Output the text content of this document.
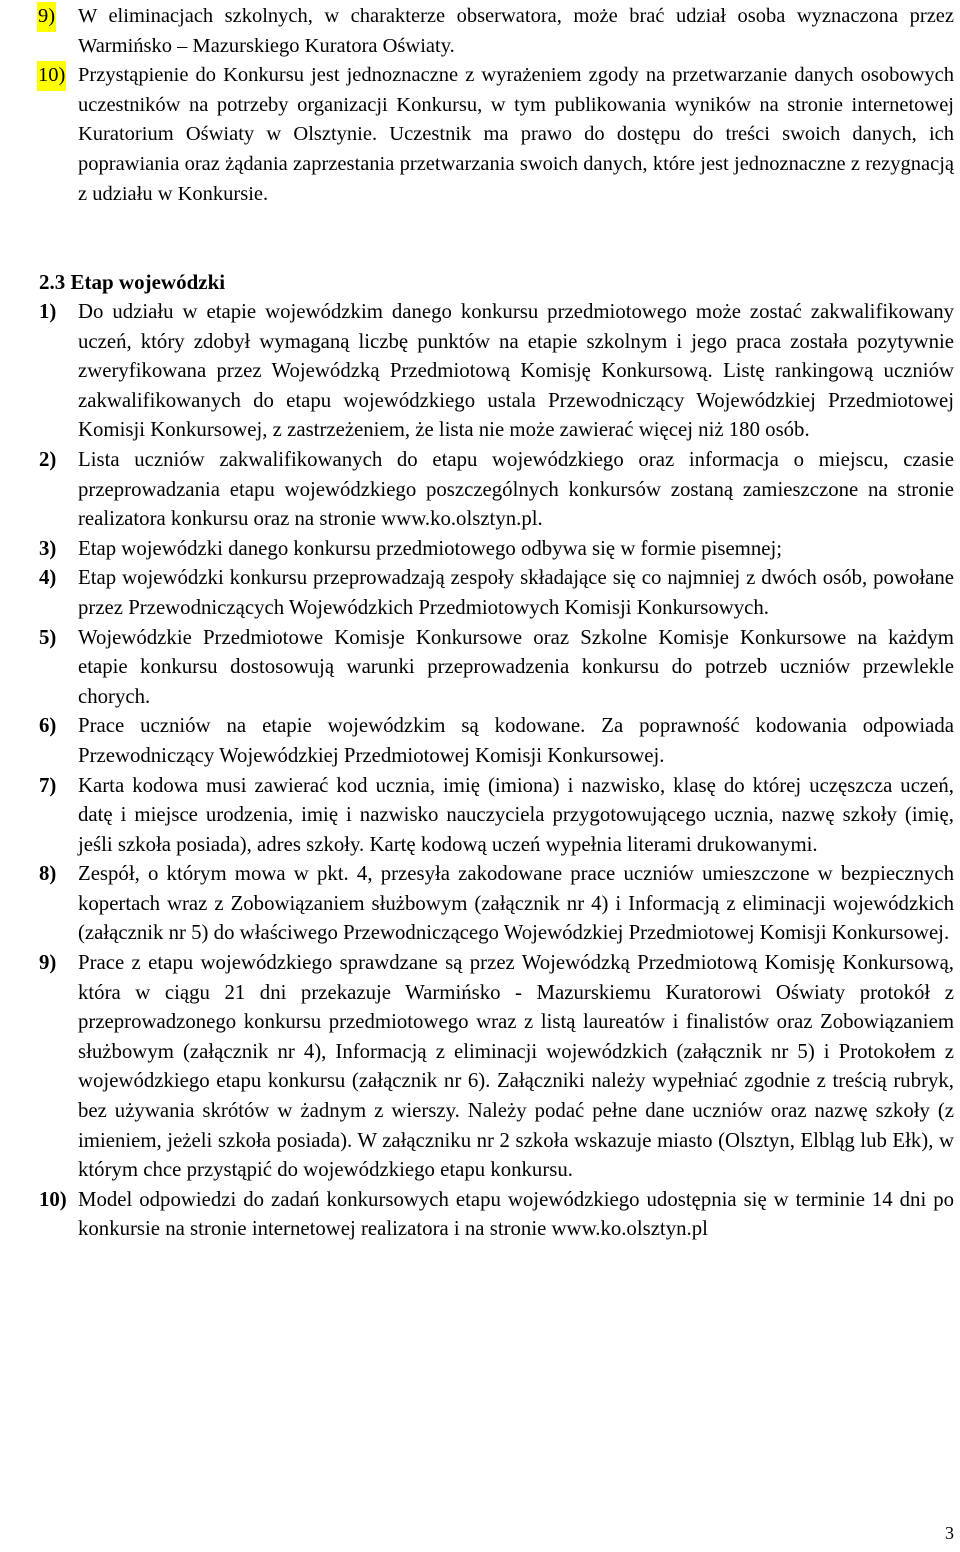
9) W eliminacjach szkolnych, w charakterze obserwatora, może brać udział osoba wyznaczona przez Warmińsko – Mazurskiego Kuratora Oświaty.
10) Przystąpienie do Konkursu jest jednoznaczne z wyrażeniem zgody na przetwarzanie danych osobowych uczestników na potrzeby organizacji Konkursu, w tym publikowania wyników na stronie internetowej Kuratorium Oświaty w Olsztynie. Uczestnik ma prawo do dostępu do treści swoich danych, ich poprawiania oraz żądania zaprzestania przetwarzania swoich danych, które jest jednoznaczne z rezygnacją z udziału w Konkursie.
2.3 Etap wojewódzki
1)	Do udziału w etapie wojewódzkim danego konkursu przedmiotowego może zostać zakwalifikowany uczeń, który zdobył wymaganą liczbę punktów na etapie szkolnym i jego praca została pozytywnie zweryfikowana przez Wojewódzką Przedmiotową Komisję Konkursową. Listę rankingową uczniów zakwalifikowanych do etapu wojewódzkiego ustala Przewodniczący Wojewódzkiej Przedmiotowej Komisji Konkursowej, z zastrzeżeniem, że lista nie może zawierać więcej niż 180 osób.
2)	Lista uczniów zakwalifikowanych do etapu wojewódzkiego oraz informacja o miejscu, czasie przeprowadzania etapu wojewódzkiego poszczególnych konkursów zostaną zamieszczone na stronie realizatora konkursu oraz na stronie www.ko.olsztyn.pl.
3)	Etap wojewódzki danego konkursu przedmiotowego odbywa się w formie pisemnej;
4)	Etap wojewódzki konkursu przeprowadzają zespoły składające się co najmniej z dwóch osób, powołane przez Przewodniczących Wojewódzkich Przedmiotowych Komisji Konkursowych.
5)	Wojewódzkie Przedmiotowe Komisje Konkursowe oraz Szkolne Komisje Konkursowe na każdym etapie konkursu dostosowują warunki przeprowadzenia konkursu do potrzeb uczniów przewlekle chorych.
6)	Prace uczniów na etapie wojewódzkim są kodowane. Za poprawność kodowania odpowiada Przewodniczący Wojewódzkiej Przedmiotowej Komisji Konkursowej.
7)	Karta kodowa musi zawierać kod ucznia, imię (imiona) i nazwisko, klasę do której uczęszcza uczeń, datę i miejsce urodzenia, imię i nazwisko nauczyciela przygotowującego ucznia, nazwę szkoły (imię, jeśli szkoła posiada), adres szkoły. Kartę kodową uczeń wypełnia literami drukowanymi.
8)	Zespół, o którym mowa w pkt. 4, przesyła zakodowane prace uczniów umieszczone w bezpiecznych kopertach wraz z Zobowiązaniem służbowym (załącznik nr 4) i Informacją z eliminacji wojewódzkich (załącznik nr 5) do właściwego Przewodniczącego Wojewódzkiej Przedmiotowej Komisji Konkursowej.
9)	Prace z etapu wojewódzkiego sprawdzane są przez Wojewódzką Przedmiotową Komisję Konkursową, która w ciągu 21 dni przekazuje Warmińsko - Mazurskiemu Kuratorowi Oświaty protokół z przeprowadzonego konkursu przedmiotowego wraz z listą laureatów i finalistów oraz Zobowiązaniem służbowym (załącznik nr 4), Informacją z eliminacji wojewódzkich (załącznik nr 5) i Protokołem z wojewódzkiego etapu konkursu (załącznik nr 6). Załączniki należy wypełniać zgodnie z treścią rubryk, bez używania skrótów w żadnym z wierszy. Należy podać pełne dane uczniów oraz nazwę szkoły (z imieniem, jeżeli szkoła posiada). W załączniku nr 2 szkoła wskazuje miasto (Olsztyn, Elbląg lub Ełk), w którym chce przystąpić do wojewódzkiego etapu konkursu.
10) Model odpowiedzi do zadań konkursowych etapu wojewódzkiego udostępnia się w terminie 14 dni po konkursie na stronie internetowej realizatora i na stronie www.ko.olsztyn.pl
3
